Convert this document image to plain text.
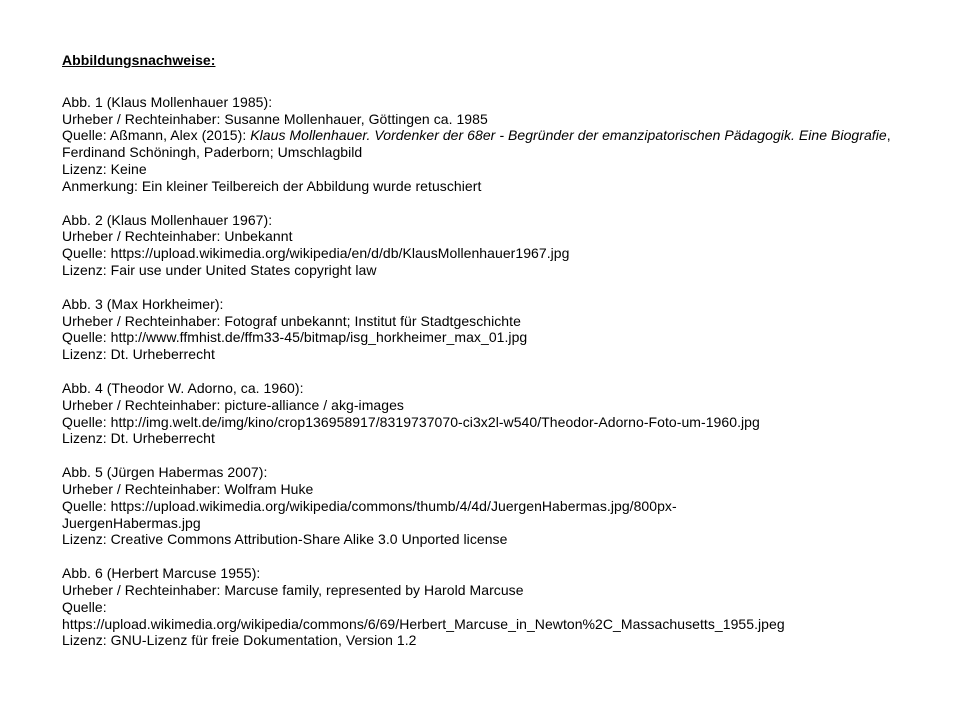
Abbildungsnachweise:
Abb. 1 (Klaus Mollenhauer 1985):
Urheber / Rechteinhaber: Susanne Mollenhauer, Göttingen ca. 1985
Quelle: Aßmann, Alex (2015): Klaus Mollenhauer. Vordenker der 68er - Begründer der emanzipatorischen Pädagogik. Eine Biografie, Ferdinand Schöningh, Paderborn; Umschlagbild
Lizenz: Keine
Anmerkung: Ein kleiner Teilbereich der Abbildung wurde retuschiert
Abb. 2 (Klaus Mollenhauer 1967):
Urheber / Rechteinhaber: Unbekannt
Quelle: https://upload.wikimedia.org/wikipedia/en/d/db/KlausMollenhauer1967.jpg
Lizenz: Fair use under United States copyright law
Abb. 3 (Max Horkheimer):
Urheber / Rechteinhaber: Fotograf unbekannt; Institut für Stadtgeschichte
Quelle: http://www.ffmhist.de/ffm33-45/bitmap/isg_horkheimer_max_01.jpg
Lizenz: Dt. Urheberrecht
Abb. 4 (Theodor W. Adorno, ca. 1960):
Urheber / Rechteinhaber: picture-alliance / akg-images
Quelle: http://img.welt.de/img/kino/crop136958917/8319737070-ci3x2l-w540/Theodor-Adorno-Foto-um-1960.jpg
Lizenz: Dt. Urheberrecht
Abb. 5 (Jürgen Habermas 2007):
Urheber / Rechteinhaber: Wolfram Huke
Quelle: https://upload.wikimedia.org/wikipedia/commons/thumb/4/4d/JuergenHabermas.jpg/800px-
JuergenHabermas.jpg
Lizenz: Creative Commons Attribution-Share Alike 3.0 Unported license
Abb. 6 (Herbert Marcuse 1955):
Urheber / Rechteinhaber: Marcuse family, represented by Harold Marcuse
Quelle:
https://upload.wikimedia.org/wikipedia/commons/6/69/Herbert_Marcuse_in_Newton%2C_Massachusetts_1955.jpeg
Lizenz: GNU-Lizenz für freie Dokumentation, Version 1.2
